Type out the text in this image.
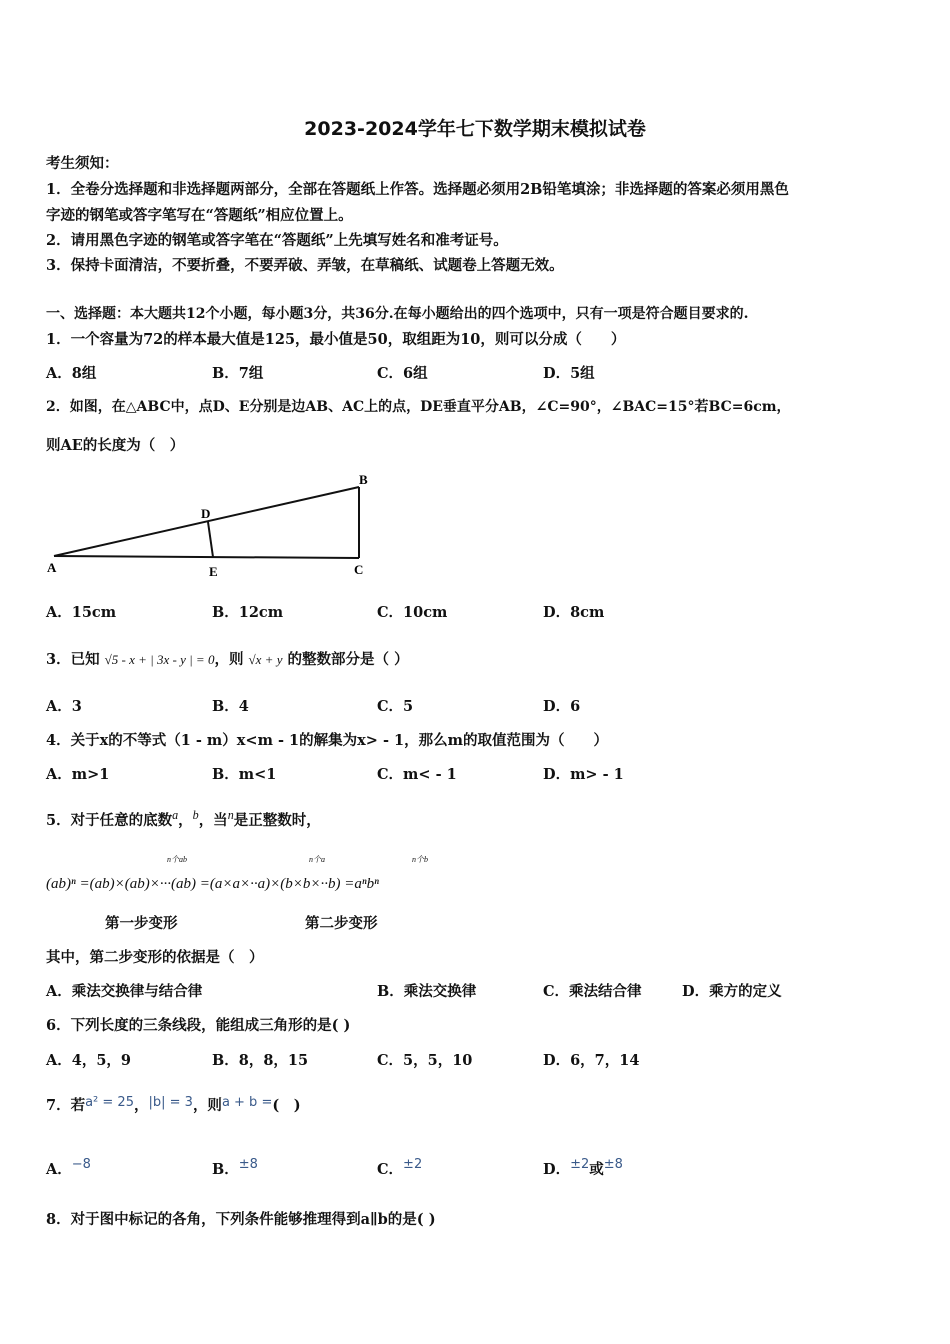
2023-2024学年七下数学期末模拟试卷
考生须知：
1．全卷分选择题和非选择题两部分，全部在答题纸上作答。选择题必须用2B铅笔填涂；非选择题的答案必须用黑色
字迹的钢笔或答字笔写在“答题纸”相应位置上。
2．请用黑色字迹的钢笔或答字笔在“答题纸”上先填写姓名和准考证号。
3．保持卡面清洁，不要折叠，不要弄破、弄皱，在草稿纸、试题卷上答题无效。
一、选择题：本大题共12个小题，每小题3分，共36分.在每小题给出的四个选项中，只有一项是符合题目要求的.
1．一个容量为72的样本最大值是125，最小值是50，取组距为10，则可以分成（　　）
A．8组	B．7组	C．6组	D．5组
2．如图，在△ABC中，点D、E分别是边AB、AC上的点，DE垂直平分AB，∠C=90°，∠BAC=15°若BC=6cm，
则AE的长度为（　）
B
D
A	E	C
A．15cm	B．12cm	C．10cm	D．8cm
3．已知 √5 - x + | 3x - y | = 0，则 √x + y 的整数部分是（ ）
A．3	B．4	C．5	D．6
4．关于x的不等式（1 - m）x<m - 1的解集为x> - 1，那么m的取值范围为（　　）
A．m>1	B．m<1	C．m< - 1	D．m> - 1
5．对于任意的底数$^a$，$^b$，当$^n$是正整数时，
n个ab	n个a	n个b
(ab)ⁿ =(ab)×(ab)×···(ab) =(a×a×··a)×(b×b×··b) =aⁿbⁿ
第一步变形	第二步变形
其中，第二步变形的依据是（　）
A．乘法交换律与结合律	B．乘法交换律	C．乘法结合律	D．乘方的定义
6．下列长度的三条线段，能组成三角形的是( )
A．4，5，9	B．8，8，15	C．5，5，10	D．6，7，14
7．若a² = 25，|b| = 3，则a + b =(　)
A．−8	B．±8	C．±2	D．±2或±8
8．对于图中标记的各角，下列条件能够推理得到a∥b的是( )
